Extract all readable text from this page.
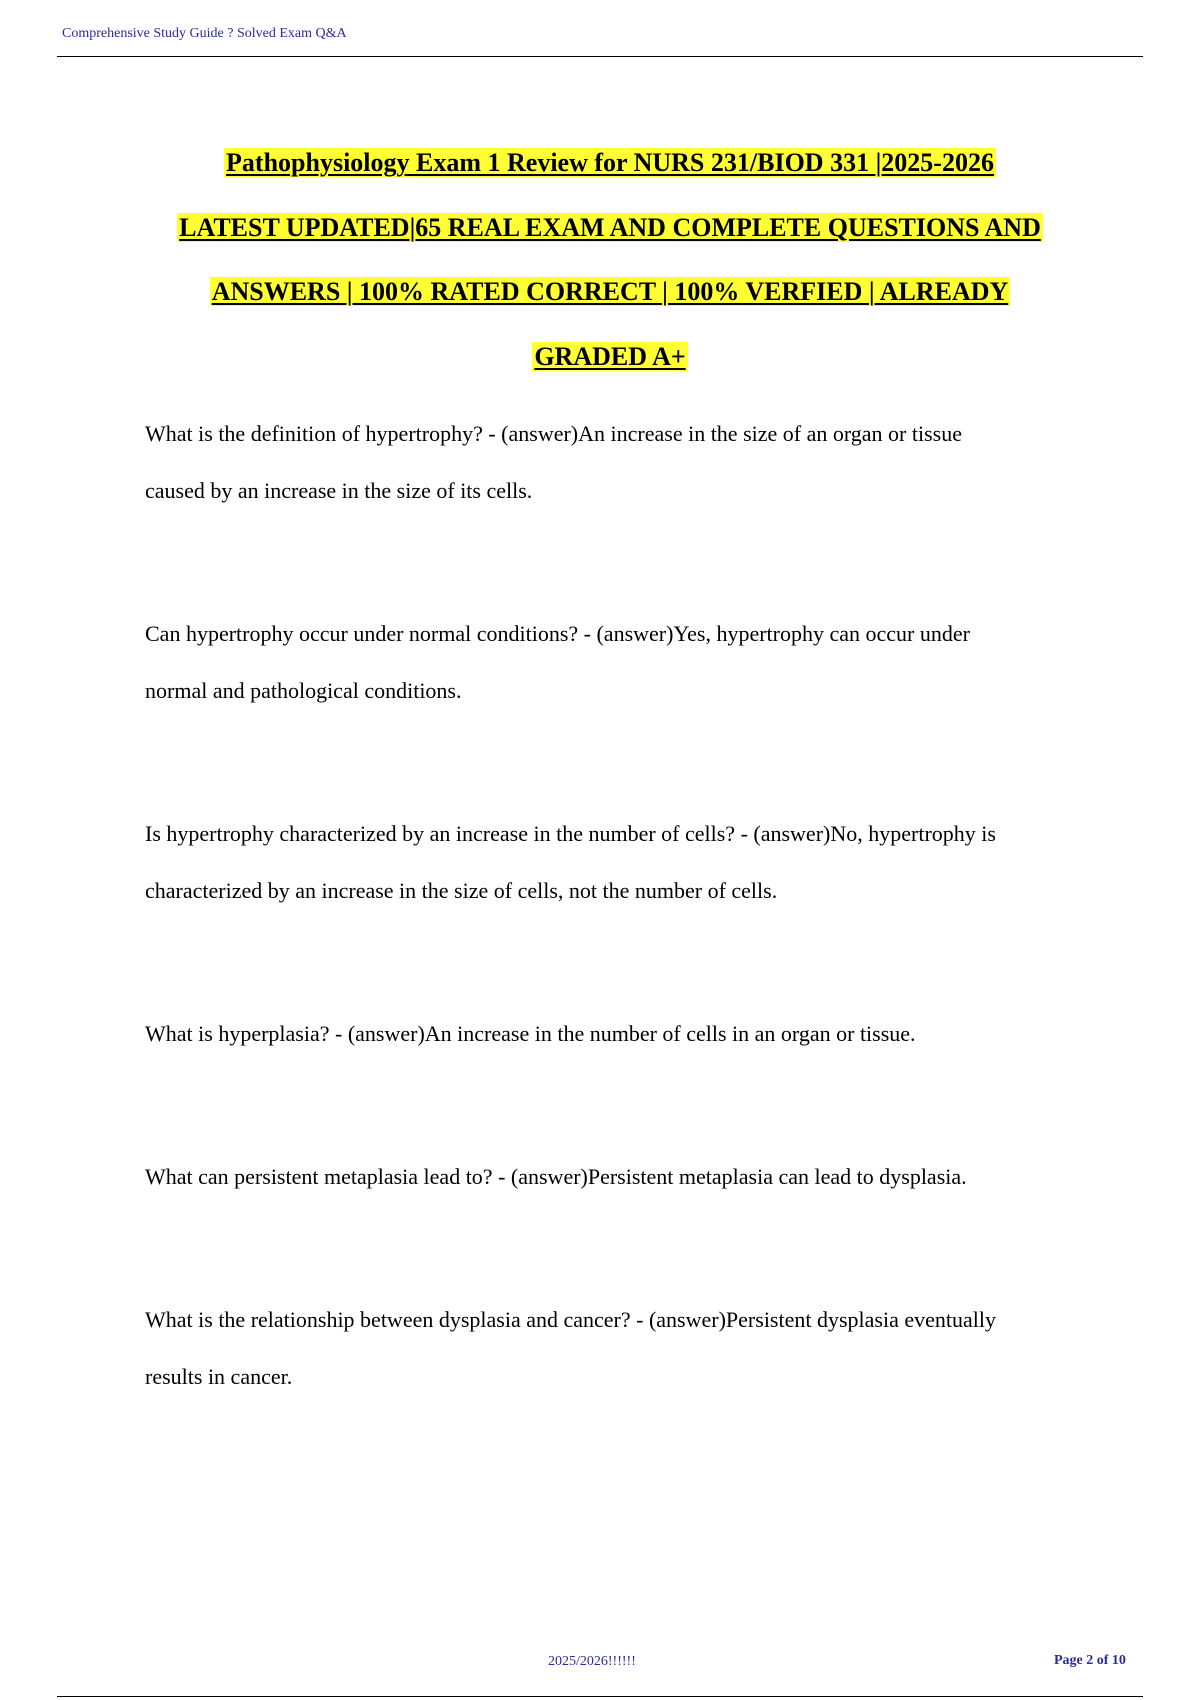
Comprehensive Study Guide ? Solved Exam Q&A
Pathophysiology Exam 1 Review for NURS 231/BIOD 331 |2025-2026
LATEST UPDATED|65 REAL EXAM AND COMPLETE QUESTIONS AND
ANSWERS | 100% RATED CORRECT | 100% VERFIED | ALREADY
GRADED A+
What is the definition of hypertrophy? - (answer)An increase in the size of an organ or tissue
caused by an increase in the size of its cells.
Can hypertrophy occur under normal conditions? - (answer)Yes, hypertrophy can occur under
normal and pathological conditions.
Is hypertrophy characterized by an increase in the number of cells? - (answer)No, hypertrophy is
characterized by an increase in the size of cells, not the number of cells.
What is hyperplasia? - (answer)An increase in the number of cells in an organ or tissue.
What can persistent metaplasia lead to? - (answer)Persistent metaplasia can lead to dysplasia.
What is the relationship between dysplasia and cancer? - (answer)Persistent dysplasia eventually
results in cancer.
2025/2026!!!!!!	Page 2 of 10
